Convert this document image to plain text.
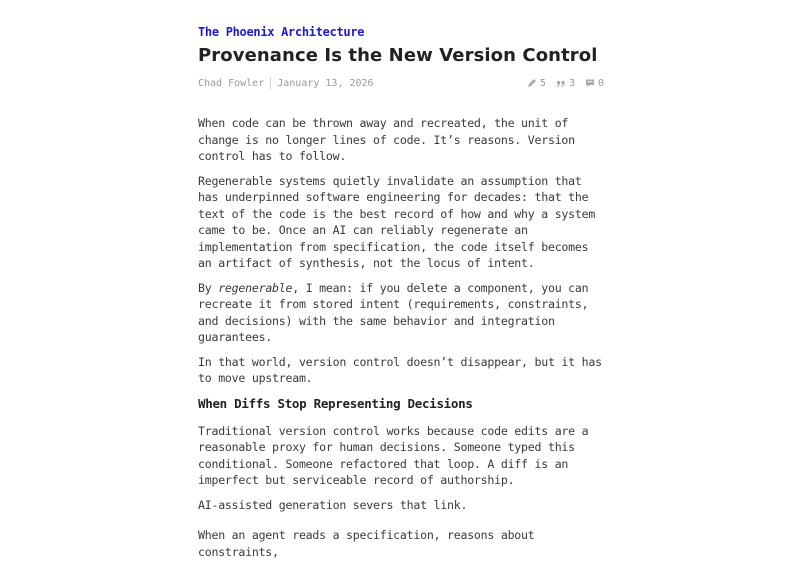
The Phoenix Architecture
Provenance Is the New Version Control
Chad Fowler January 13, 2026	5 3 0

When code can be thrown away and recreated, the unit of change is no longer lines of code. It’s reasons. Version control has to follow.

Regenerable systems quietly invalidate an assumption that has underpinned software engineering for decades: that the text of the code is the best record of how and why a system came to be. Once an AI can reliably regenerate an implementation from specification, the code itself becomes an artifact of synthesis, not the locus of intent.

By regenerable, I mean: if you delete a component, you can recreate it from stored intent (requirements, constraints, and decisions) with the same behavior and integration guarantees.

In that world, version control doesn’t disappear, but it has to move upstream.

When Diffs Stop Representing Decisions

Traditional version control works because code edits are a reasonable proxy for human decisions. Someone typed this conditional. Someone refactored that loop. A diff is an imperfect but serviceable record of authorship.

AI-assisted generation severs that link.

When an agent reads a specification, reasons about constraints,
